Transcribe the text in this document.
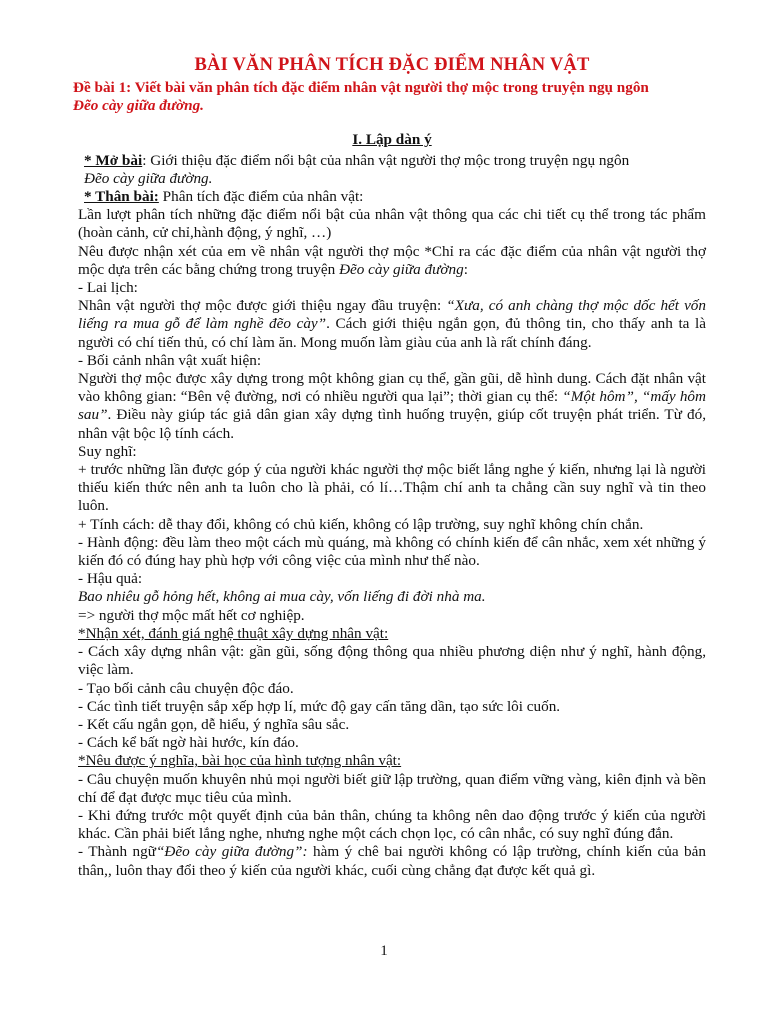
BÀI VĂN PHÂN TÍCH ĐẶC ĐIỂM NHÂN VẬT
Đề bài 1: Viết bài văn phân tích đặc điểm nhân vật người thợ mộc trong truyện ngụ ngôn
Đẽo cày giữa đường.
I. Lập dàn ý

* Mở bài: Giới thiệu đặc điểm nổi bật của nhân vật người thợ mộc trong truyện ngụ ngôn
Đẽo cày giữa đường.

* Thân bài: Phân tích đặc điểm của nhân vật:

Lần lượt phân tích những đặc điểm nổi bật của nhân vật thông qua các chi tiết cụ thể trong tác phẩm (hoàn cảnh, cử chỉ,hành động, ý nghĩ, …)

Nêu được nhận xét của em về nhân vật người thợ mộc *Chỉ ra các đặc điểm của nhân vật người thợ mộc dựa trên các bằng chứng trong truyện Đẽo cày giữa đường:

- Lai lịch:

Nhân vật người thợ mộc được giới thiệu ngay đầu truyện: “Xưa, có anh chàng thợ mộc dốc hết vốn liếng ra mua gỗ để làm nghề đẽo cày”. Cách giới thiệu ngắn gọn, đủ thông tin, cho thấy anh ta là người có chí tiến thủ, có chí làm ăn. Mong muốn làm giàu của anh là rất chính đáng.

- Bối cảnh nhân vật xuất hiện:

Người thợ mộc được xây dựng trong một không gian cụ thể, gần gũi, dễ hình dung. Cách đặt nhân vật vào không gian: “Bên vệ đường, nơi có nhiều người qua lại”; thời gian cụ thể: “Một hôm”, “mấy hôm sau”. Điều này giúp tác giả dân gian xây dựng tình huống truyện, giúp cốt truyện phát triển. Từ đó, nhân vật bộc lộ tính cách.

Suy nghĩ:

+ trước những lần được góp ý của người khác người thợ mộc biết lắng nghe ý kiến, nhưng lại là người thiếu kiến thức nên anh ta luôn cho là phải, có lí…Thậm chí anh ta chẳng cần suy nghĩ và tin theo luôn.

+ Tính cách: dễ thay đổi, không có chủ kiến, không có lập trường, suy nghĩ không chín chắn.

- Hành động: đều làm theo một cách mù quáng, mà không có chính kiến để cân nhắc, xem xét những ý kiến đó có đúng hay phù hợp với công việc của mình như thế nào.

- Hậu quả:

Bao nhiêu gỗ hỏng hết, không ai mua cày, vốn liếng đi đời nhà ma.

=> người thợ mộc mất hết cơ nghiệp.

*Nhận xét, đánh giá nghệ thuật xây dựng nhân vật:

- Cách xây dựng nhân vật: gần gũi, sống động thông qua nhiều phương diện như ý nghĩ, hành động, việc làm.

- Tạo bối cảnh câu chuyện độc đáo.

- Các tình tiết truyện sắp xếp hợp lí, mức độ gay cấn tăng dần, tạo sức lôi cuốn.

- Kết cấu ngắn gọn, dễ hiểu, ý nghĩa sâu sắc.

- Cách kể bất ngờ hài hước, kín đáo.

*Nêu được ý nghĩa, bài học của hình tượng nhân vật:

- Câu chuyện muốn khuyên nhủ mọi người biết giữ lập trường, quan điểm vững vàng, kiên định và bền chí để đạt được mục tiêu của mình.

- Khi đứng trước một quyết định của bản thân, chúng ta không nên dao động trước ý kiến của người khác. Cần phải biết lắng nghe, nhưng nghe một cách chọn lọc, có cân nhắc, có suy nghĩ đúng đắn.

- Thành ngữ“Đẽo cày giữa đường”: hàm ý chê bai người không có lập trường, chính kiến của bản thân,, luôn thay đổi theo ý kiến của người khác, cuối cùng chẳng đạt được kết quả gì.

1
